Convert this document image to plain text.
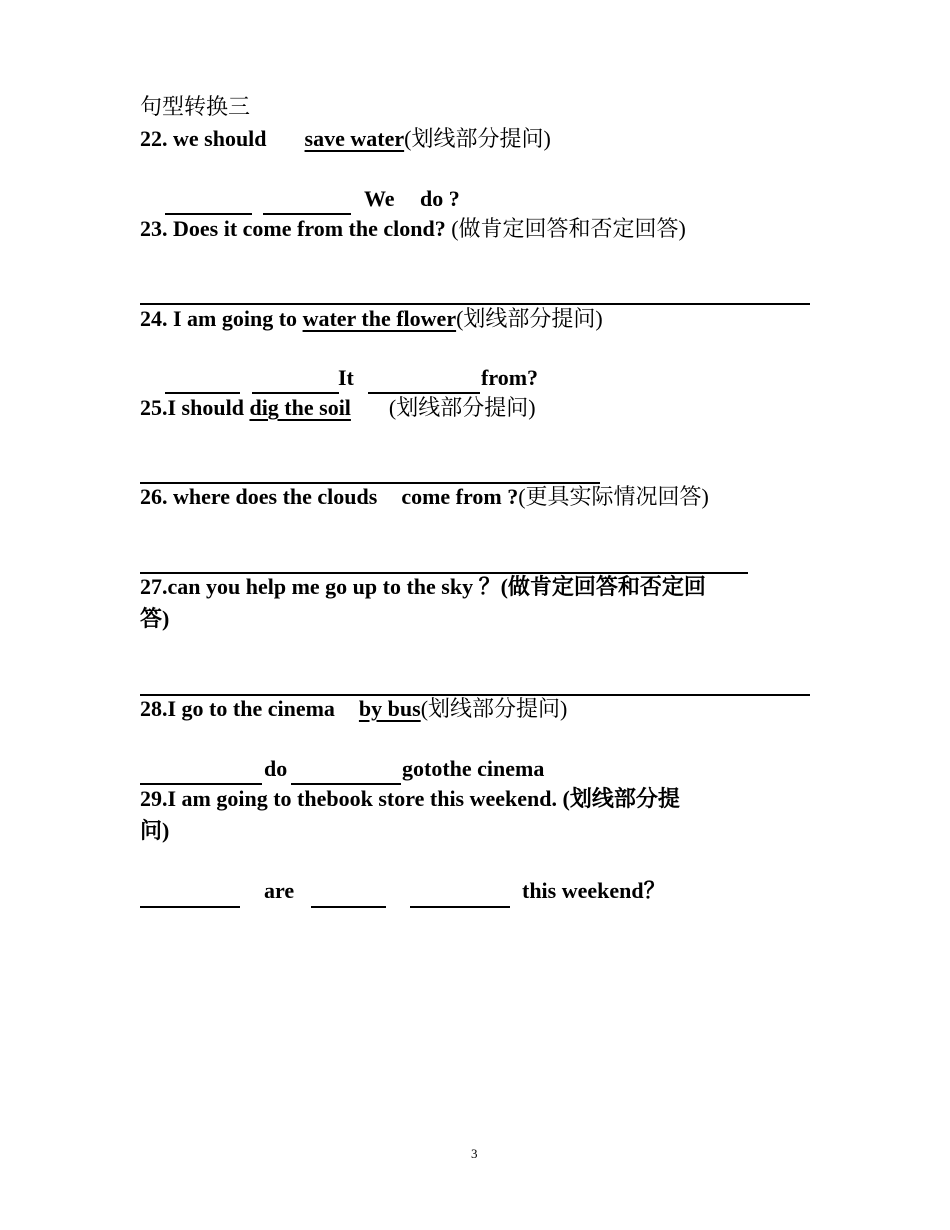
句型转换三
22. we should save water(划线部分提问)
We do ?
23. Does it come from the clond? (做肯定回答和否定回答)
24. I am going to water the flower(划线部分提问)
It	from?
25.I should dig the soil (划线部分提问)
26. where does the clouds come from ?(更具实际情况回答)
27.can you help me go up to the sky ？(做肯定回答和否定回
答)
28.I go to the cinema by bus(划线部分提问)
do	gotothe cinema
29.I am going to thebook store this weekend. (划线部分提
问)
are	this weekend？
3
